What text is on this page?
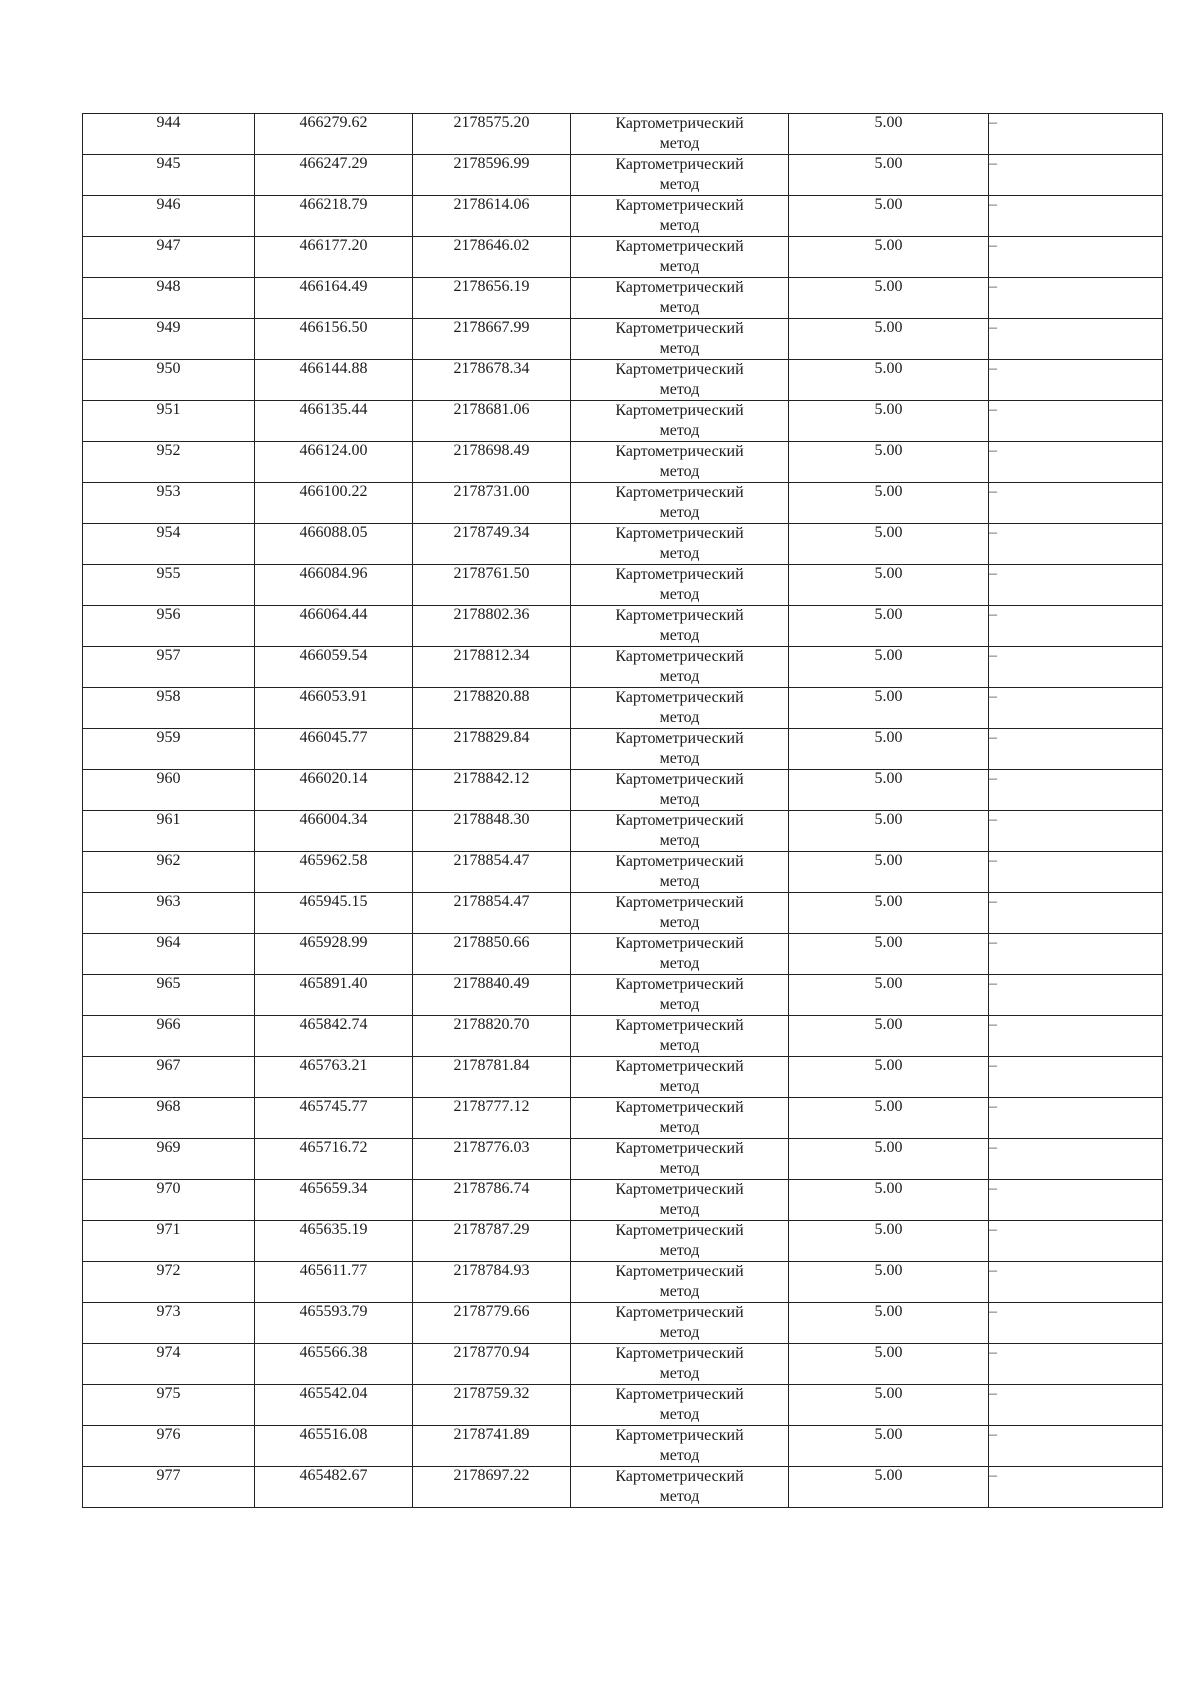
944	466279.62	2178575.20	Картометрический метод	5.00	–
945	466247.29	2178596.99	Картометрический метод	5.00	–
946	466218.79	2178614.06	Картометрический метод	5.00	–
947	466177.20	2178646.02	Картометрический метод	5.00	–
948	466164.49	2178656.19	Картометрический метод	5.00	–
949	466156.50	2178667.99	Картометрический метод	5.00	–
950	466144.88	2178678.34	Картометрический метод	5.00	–
951	466135.44	2178681.06	Картометрический метод	5.00	–
952	466124.00	2178698.49	Картометрический метод	5.00	–
953	466100.22	2178731.00	Картометрический метод	5.00	–
954	466088.05	2178749.34	Картометрический метод	5.00	–
955	466084.96	2178761.50	Картометрический метод	5.00	–
956	466064.44	2178802.36	Картометрический метод	5.00	–
957	466059.54	2178812.34	Картометрический метод	5.00	–
958	466053.91	2178820.88	Картометрический метод	5.00	–
959	466045.77	2178829.84	Картометрический метод	5.00	–
960	466020.14	2178842.12	Картометрический метод	5.00	–
961	466004.34	2178848.30	Картометрический метод	5.00	–
962	465962.58	2178854.47	Картометрический метод	5.00	–
963	465945.15	2178854.47	Картометрический метод	5.00	–
964	465928.99	2178850.66	Картометрический метод	5.00	–
965	465891.40	2178840.49	Картометрический метод	5.00	–
966	465842.74	2178820.70	Картометрический метод	5.00	–
967	465763.21	2178781.84	Картометрический метод	5.00	–
968	465745.77	2178777.12	Картометрический метод	5.00	–
969	465716.72	2178776.03	Картометрический метод	5.00	–
970	465659.34	2178786.74	Картометрический метод	5.00	–
971	465635.19	2178787.29	Картометрический метод	5.00	–
972	465611.77	2178784.93	Картометрический метод	5.00	–
973	465593.79	2178779.66	Картометрический метод	5.00	–
974	465566.38	2178770.94	Картометрический метод	5.00	–
975	465542.04	2178759.32	Картометрический метод	5.00	–
976	465516.08	2178741.89	Картометрический метод	5.00	–
977	465482.67	2178697.22	Картометрический метод	5.00	–
